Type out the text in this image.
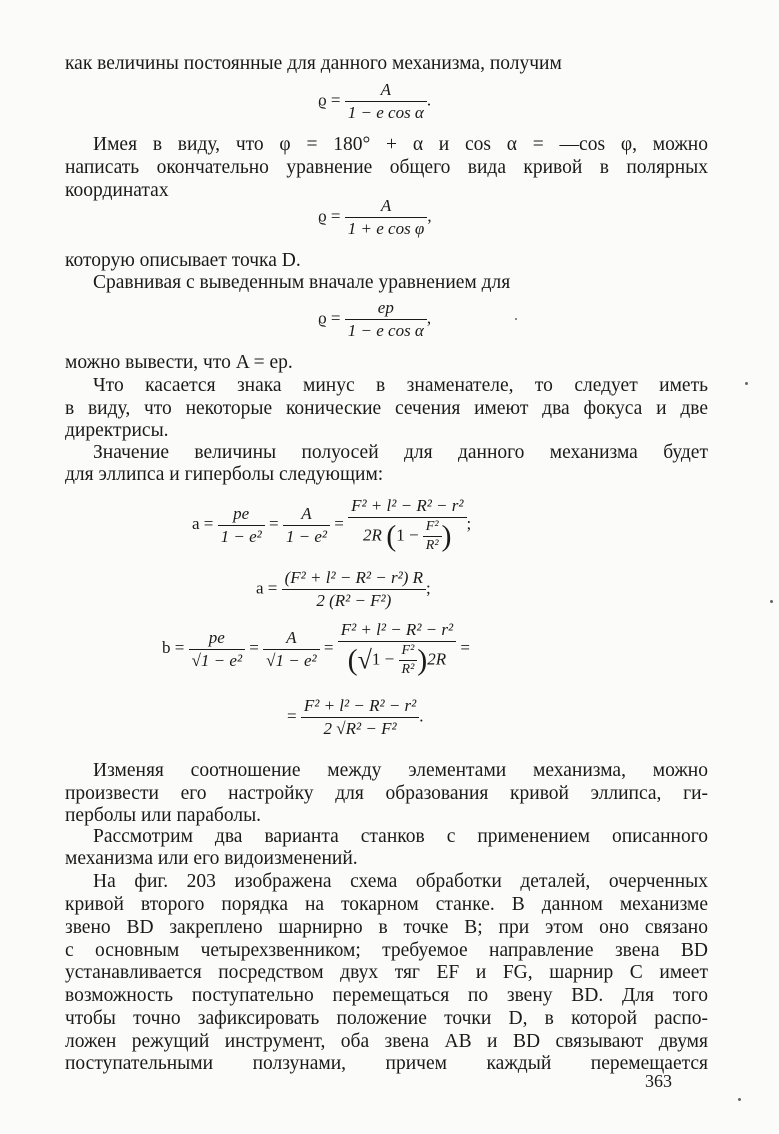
как величины постоянные для данного механизма, получим
$ϱ = \frac{A}{\text{1 − e cos α}}$ .
Имея в виду, что φ = 180° + α и cos α = —cos φ, можно
написать окончательно уравнение общего вида кривой в полярных
координатах
$ϱ = \frac{A}{\text{1 + e cos φ}}$ ,
которую описывает точка D.
Сравнивая с выведенным вначале уравнением для
$ϱ = \frac{ep}{\text{1 − e cos α}}$ ,
можно вывести, что A = ep.
Что касается знака минус в знаменателе, то следует иметь
в виду, что некоторые конические сечения имеют два фокуса и две
директрисы.
Значение величины полуосей для данного механизма будет
для эллипса и гиперболы следующим:
$a = \frac{pe}{\text{1 − e²}} = \frac{A}{\text{1 − e²}} = \frac{\text{F² + l² − R² − r²}}{2R (1 - \frac{\text{F²}}{\text{R²}} )}$ ;
$a = \frac{\text{(F² + l² − R² − r²) R}}{\text{2 (R² − F²)}}$ ;
$b = \frac{pe}{\text{√1 − e²}} = \frac{A}{\text{√1 − e²}} = \frac{\text{F² + l² − R² − r²}}{(√1 - \frac{\text{F²}}{\text{R²}} )2R}$ =
= $\frac{\text{F² + l² − R² − r²}}{\text{2 √R² − F²}}$ .
Изменяя соотношение между элементами механизма, можно
произвести его настройку для образования кривой эллипса, ги-
перболы или параболы.
Рассмотрим два варианта станков с применением описанного
механизма или его видоизменений.
На фиг. 203 изображена схема обработки деталей, очерченных
кривой второго порядка на токарном станке. В данном механизме
звено BD закреплено шарнирно в точке B; при этом оно связано
с основным четырехзвенником; требуемое направление звена BD
устанавливается посредством двух тяг EF и FG, шарнир C имеет
возможность поступательно перемещаться по звену BD. Для того
чтобы точно зафиксировать положение точки D, в которой распо-
ложен режущий инструмент, оба звена AB и BD связывают двумя
поступательными ползунами, причем каждый перемещается
363
